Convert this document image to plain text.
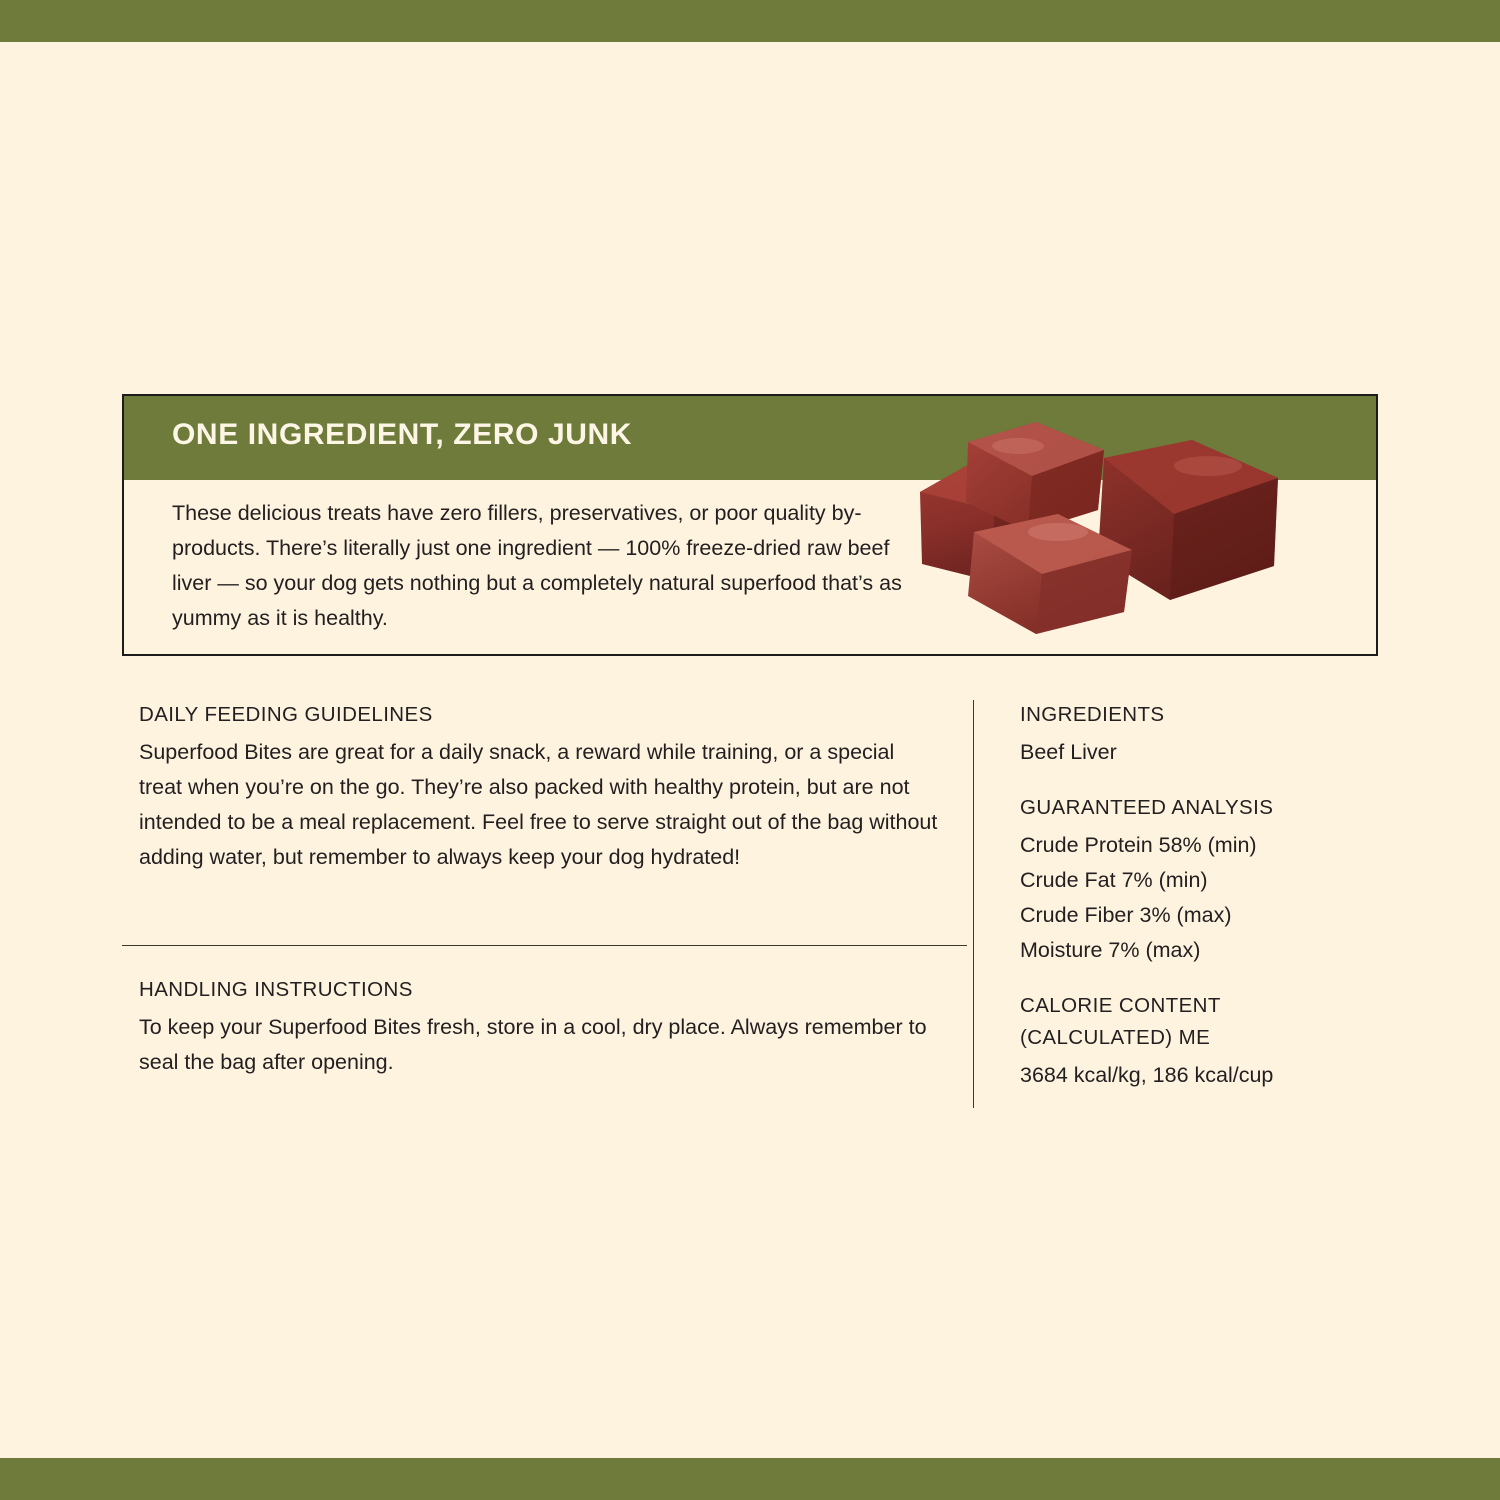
ONE INGREDIENT, ZERO JUNK

These delicious treats have zero fillers, preservatives, or poor quality by-products. There’s literally just one ingredient — 100% freeze-dried raw beef liver — so your dog gets nothing but a completely natural superfood that’s as yummy as it is healthy.

DAILY FEEDING GUIDELINES

Superfood Bites are great for a daily snack, a reward while training, or a special treat when you’re on the go. They’re also packed with healthy protein, but are not intended to be a meal replacement. Feel free to serve straight out of the bag without adding water, but remember to always keep your dog hydrated!

HANDLING INSTRUCTIONS

To keep your Superfood Bites fresh, store in a cool, dry place. Always remember to seal the bag after opening.

INGREDIENTS

Beef Liver

GUARANTEED ANALYSIS

Crude Protein 58% (min)

Crude Fat 7% (min)

Crude Fiber 3% (max)

Moisture 7% (max)

CALORIE CONTENT
(CALCULATED) ME

3684 kcal/kg, 186 kcal/cup
